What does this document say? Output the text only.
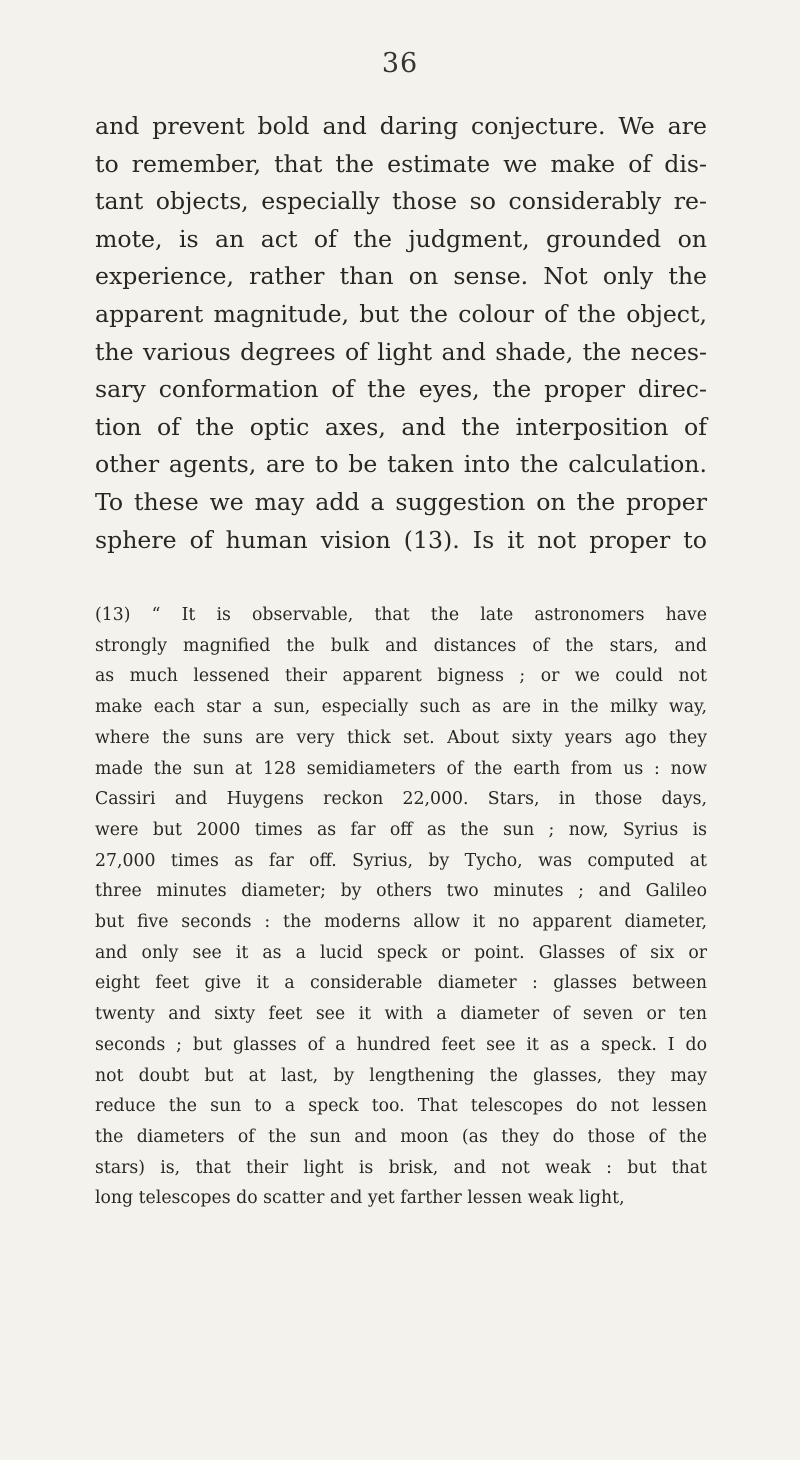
36
and prevent bold and daring conjecture. We are
to remember, that the estimate we make of dis-
tant objects, especially those so considerably re-
mote, is an act of the judgment, grounded on
experience, rather than on sense. Not only the
apparent magnitude, but the colour of the object,
the various degrees of light and shade, the neces-
sary conformation of the eyes, the proper direc-
tion of the optic axes, and the interposition of
other agents, are to be taken into the calculation.
To these we may add a suggestion on the proper
sphere of human vision (13). Is it not proper to
(13) “ It is observable, that the late astronomers have
strongly magnified the bulk and distances of the stars, and
as much lessened their apparent bigness ; or we could not
make each star a sun, especially such as are in the milky way,
where the suns are very thick set. About sixty years ago they
made the sun at 128 semidiameters of the earth from us : now
Cassiri and Huygens reckon 22,000. Stars, in those days,
were but 2000 times as far off as the sun ; now, Syrius is
27,000 times as far off. Syrius, by Tycho, was computed at
three minutes diameter; by others two minutes ; and Galileo
but five seconds : the moderns allow it no apparent diameter,
and only see it as a lucid speck or point. Glasses of six or
eight feet give it a considerable diameter : glasses between
twenty and sixty feet see it with a diameter of seven or ten
seconds ; but glasses of a hundred feet see it as a speck. I do
not doubt but at last, by lengthening the glasses, they may
reduce the sun to a speck too. That telescopes do not lessen
the diameters of the sun and moon (as they do those of the
stars) is, that their light is brisk, and not weak : but that
long telescopes do scatter and yet farther lessen weak light,
